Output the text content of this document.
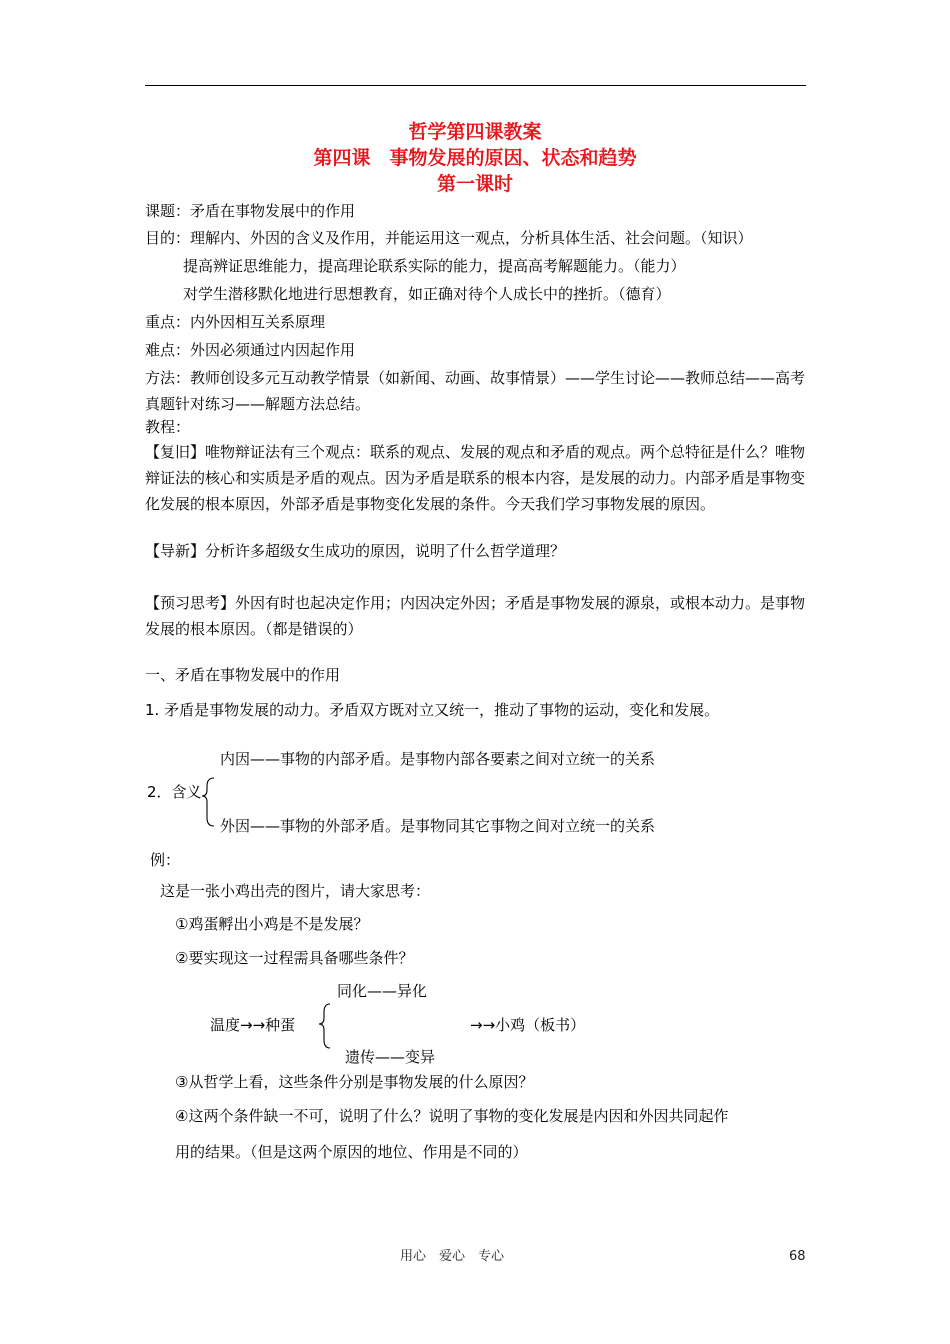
哲学第四课教案
第四课　事物发展的原因、状态和趋势
第一课时
课题：矛盾在事物发展中的作用
目的：理解内、外因的含义及作用，并能运用这一观点，分析具体生活、社会问题。（知识）
提高辨证思维能力，提高理论联系实际的能力，提高高考解题能力。（能力）
对学生潜移默化地进行思想教育，如正确对待个人成长中的挫折。（德育）
重点：内外因相互关系原理
难点：外因必须通过内因起作用
方法：教师创设多元互动教学情景（如新闻、动画、故事情景）——学生讨论——教师总结——高考真题针对练习——解题方法总结。
教程：
【复旧】唯物辩证法有三个观点：联系的观点、发展的观点和矛盾的观点。两个总特征是什么？唯物辩证法的核心和实质是矛盾的观点。因为矛盾是联系的根本内容，是发展的动力。内部矛盾是事物变化发展的根本原因，外部矛盾是事物变化发展的条件。今天我们学习事物发展的原因。
【导新】分析许多超级女生成功的原因，说明了什么哲学道理？
【预习思考】外因有时也起决定作用；内因决定外因；矛盾是事物发展的源泉，或根本动力。是事物发展的根本原因。（都是错误的）
一、矛盾在事物发展中的作用
1. 矛盾是事物发展的动力。矛盾双方既对立又统一，推动了事物的运动，变化和发展。
内因——事物的内部矛盾。是事物内部各要素之间对立统一的关系
2．含义
外因——事物的外部矛盾。是事物同其它事物之间对立统一的关系
例：
这是一张小鸡出壳的图片，请大家思考：
①鸡蛋孵出小鸡是不是发展？
②要实现这一过程需具备哪些条件？
同化——异化
温度→→种蛋	→→小鸡（板书）
遗传——变异
③从哲学上看，这些条件分别是事物发展的什么原因？
④这两个条件缺一不可，说明了什么？说明了事物的变化发展是内因和外因共同起作
用的结果。（但是这两个原因的地位、作用是不同的）
用心　爱心　专心	68
